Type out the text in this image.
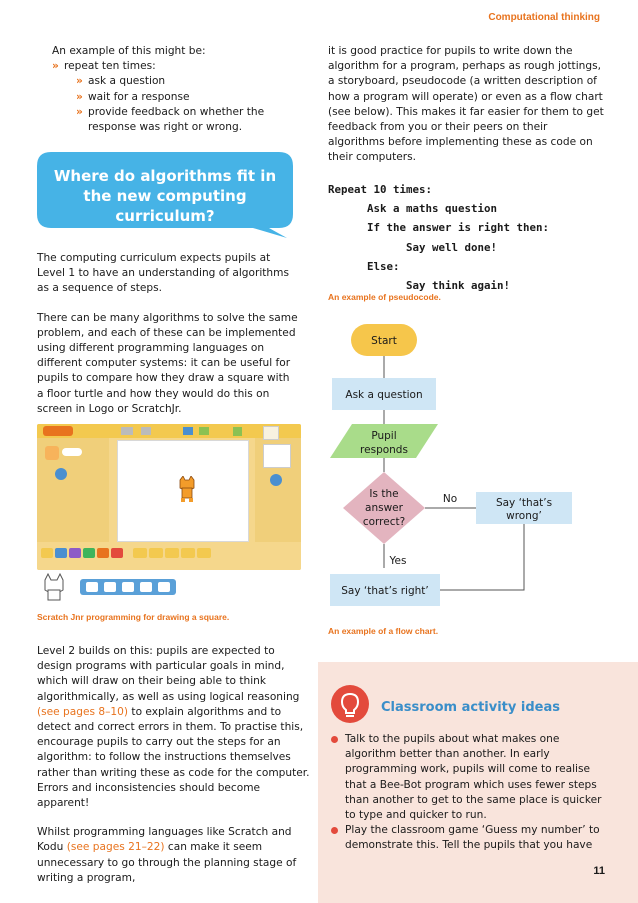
Computational thinking

An example of this might be:

» repeat ten times:
» ask a question
» wait for a response
» provide feedback on whether the response was right or wrong.
Where do algorithms fit in the new computing curriculum?

The computing curriculum expects pupils at Level 1 to have an understanding of algorithms as a sequence of steps.

There can be many algorithms to solve the same problem, and each of these can be implemented using different programming languages on different computer systems: it can be useful for pupils to compare how they draw a square with a floor turtle and how they would do this on screen in Logo or ScratchJr.

Scratch Jnr programming for drawing a square.

Level 2 builds on this: pupils are expected to design programs with particular goals in mind, which will draw on their being able to think algorithmically, as well as using logical reasoning (see pages 8–10) to explain algorithms and to detect and correct errors in them. To practise this, encourage pupils to carry out the steps for an algorithm: to follow the instructions themselves rather than writing these as code for the computer. Errors and inconsistencies should become apparent!

Whilst programming languages like Scratch and Kodu (see pages 21–22) can make it seem unnecessary to go through the planning stage of writing a program,

it is good practice for pupils to write down the algorithm for a program, perhaps as rough jottings, a storyboard, pseudocode (a written description of how a program will operate) or even as a flow chart (see below). This makes it far easier for them to get feedback from you or their peers on their algorithms before implementing these as code on their computers.

Repeat 10 times:
Ask a maths question
If the answer is right then:
Say well done!
Else:
Say think again!
An example of pseudocode.
Start
Ask a question
Pupil
responds
Is the
answer
correct?
No
Yes
Say ‘that’s
wrong’
Say ‘that’s right’
An example of a flow chart.
Classroom activity ideas
Talk to the pupils about what makes one algorithm better than another. In early programming work, pupils will come to realise that a Bee-Bot program which uses fewer steps than another to get to the same place is quicker to type and quicker to run.
Play the classroom game ‘Guess my number’ to demonstrate this. Tell the pupils that you have
11
